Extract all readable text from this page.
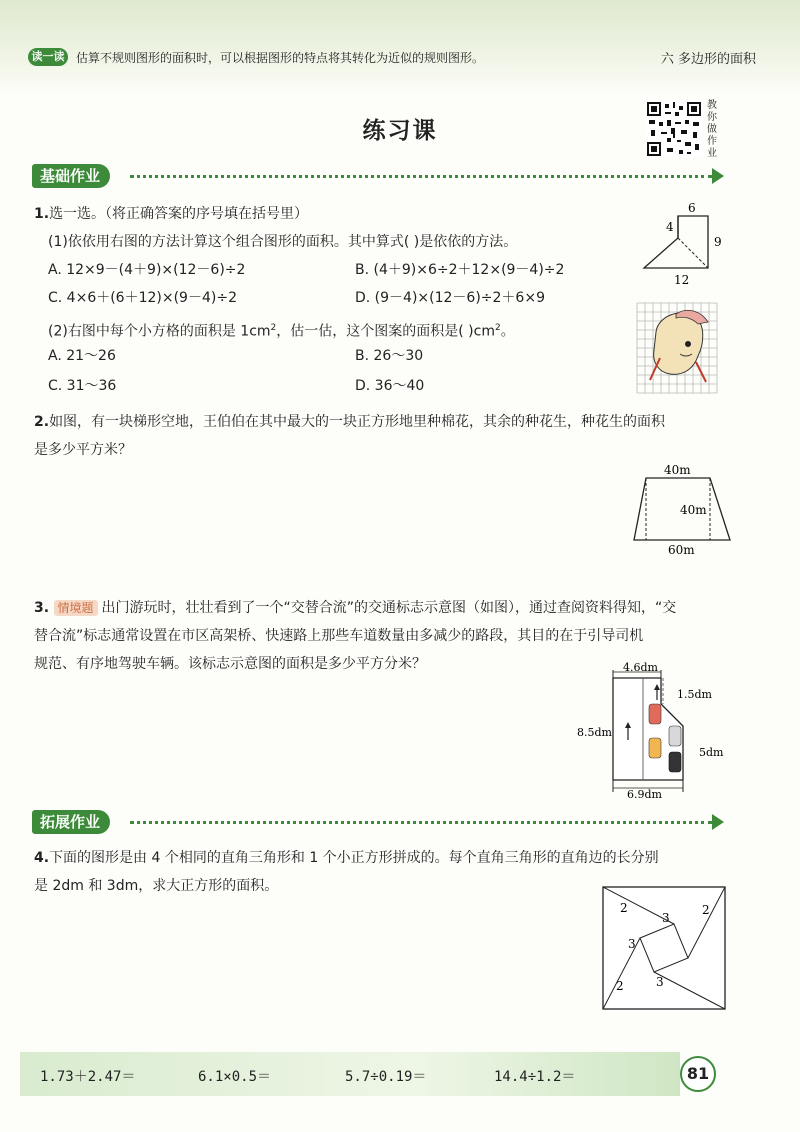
读一读 估算不规则图形的面积时，可以根据图形的特点将其转化为近似的规则图形。	六 多边形的面积
练习课
教你做作业
基础作业
1.选一选。（将正确答案的序号填在括号里）
(1)依依用右图的方法计算这个组合图形的面积。其中算式( )是依依的方法。
A. 12×9－(4＋9)×(12－6)÷2	B. (4＋9)×6÷2＋12×(9－4)÷2
C. 4×6＋(6＋12)×(9－4)÷2	D. (9－4)×(12－6)÷2＋6×9
(2)右图中每个小方格的面积是 $1cm^2$，估一估，这个图案的面积是( )$cm^2$。
A. 21～26	B. 26～30
C. 31～36	D. 36～40
6
4
9
12
2.如图，有一块梯形空地，王伯伯在其中最大的一块正方形地里种棉花，其余的种花生，种花生的面积
是多少平方米？
40m
40m
60m
3. 情境题 出门游玩时，壮壮看到了一个“交替合流”的交通标志示意图（如图），通过查阅资料得知，“交
替合流”标志通常设置在市区高架桥、快速路上那些车道数量由多减少的路段，其目的在于引导司机
规范、有序地驾驶车辆。该标志示意图的面积是多少平方分米？	4.6dm
1.5dm
8.5dm
5dm
6.9dm
拓展作业
4.下面的图形是由 4 个相同的直角三角形和 1 个小正方形拼成的。每个直角三角形的直角边的长分别
是 2dm 和 3dm，求大正方形的面积。
2
3
2
3
2	3
1.73＋2.47＝	6.1×0.5＝	5.7÷0.19＝	14.4÷1.2＝	81
